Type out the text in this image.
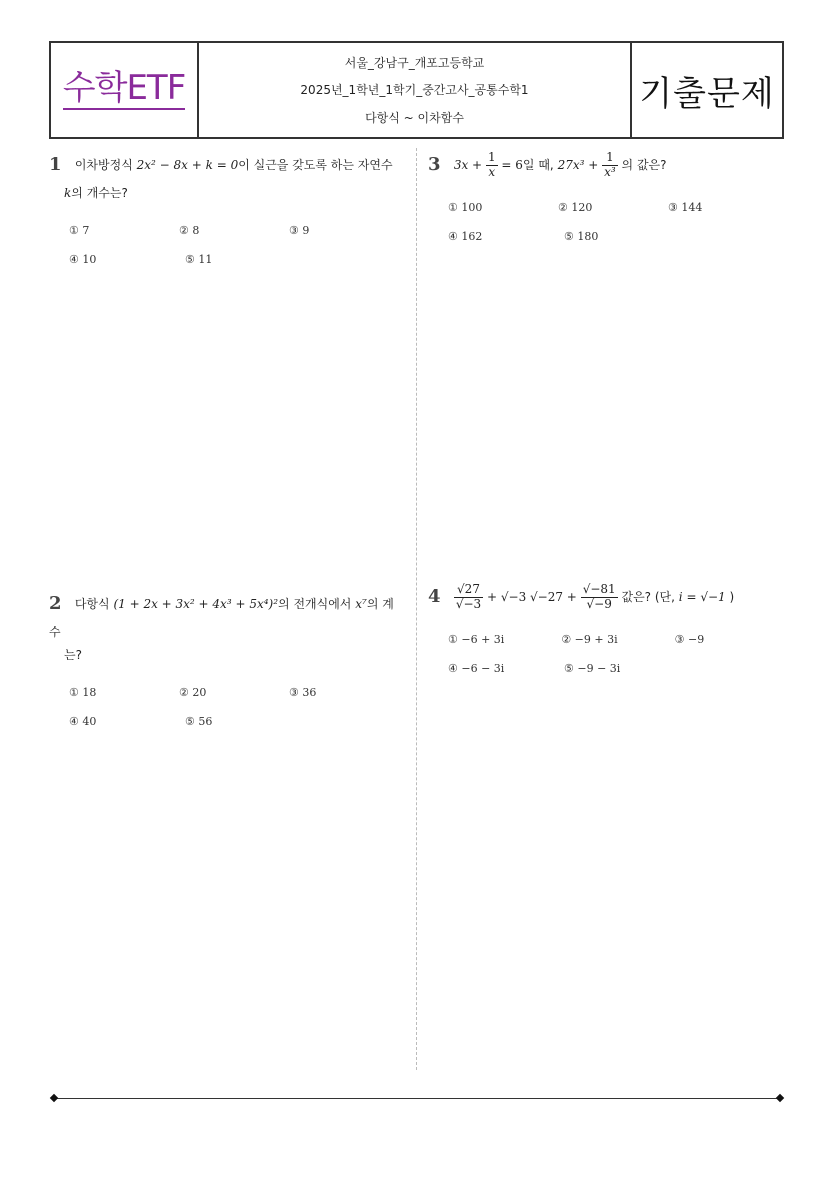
수학ETF
서울_강남구_개포고등학교
2025년_1학년_1학기_중간고사_공통수학1
다항식 ~ 이차함수
기출문제
1 이차방정식 2x² − 8x + k = 0이 실근을 갖도록 하는 자연수
k의 개수는?
① 7	② 8	③ 9
④ 10	⑤ 11
2 다항식 (1 + 2x + 3x² + 4x³ + 5x⁴)²의 전개식에서 x⁷의 계수
는?
① 18	② 20	③ 36
④ 40	⑤ 56
3 $3x + \frac{1}{x} = 6$일 때, $27x^3 + \frac{1}{\text{x³}}$ 의 값은?
① 100	② 120	③ 144
④ 162	⑤ 180
$4 \frac{√27}{√-3} + √-3$ $√-27 + \frac{√-81}{√-9}$ 값은? (단, i = √−1 )
① −6 + 3i	② −9 + 3i	③ −9
④ −6 − 3i	⑤ −9 − 3i
